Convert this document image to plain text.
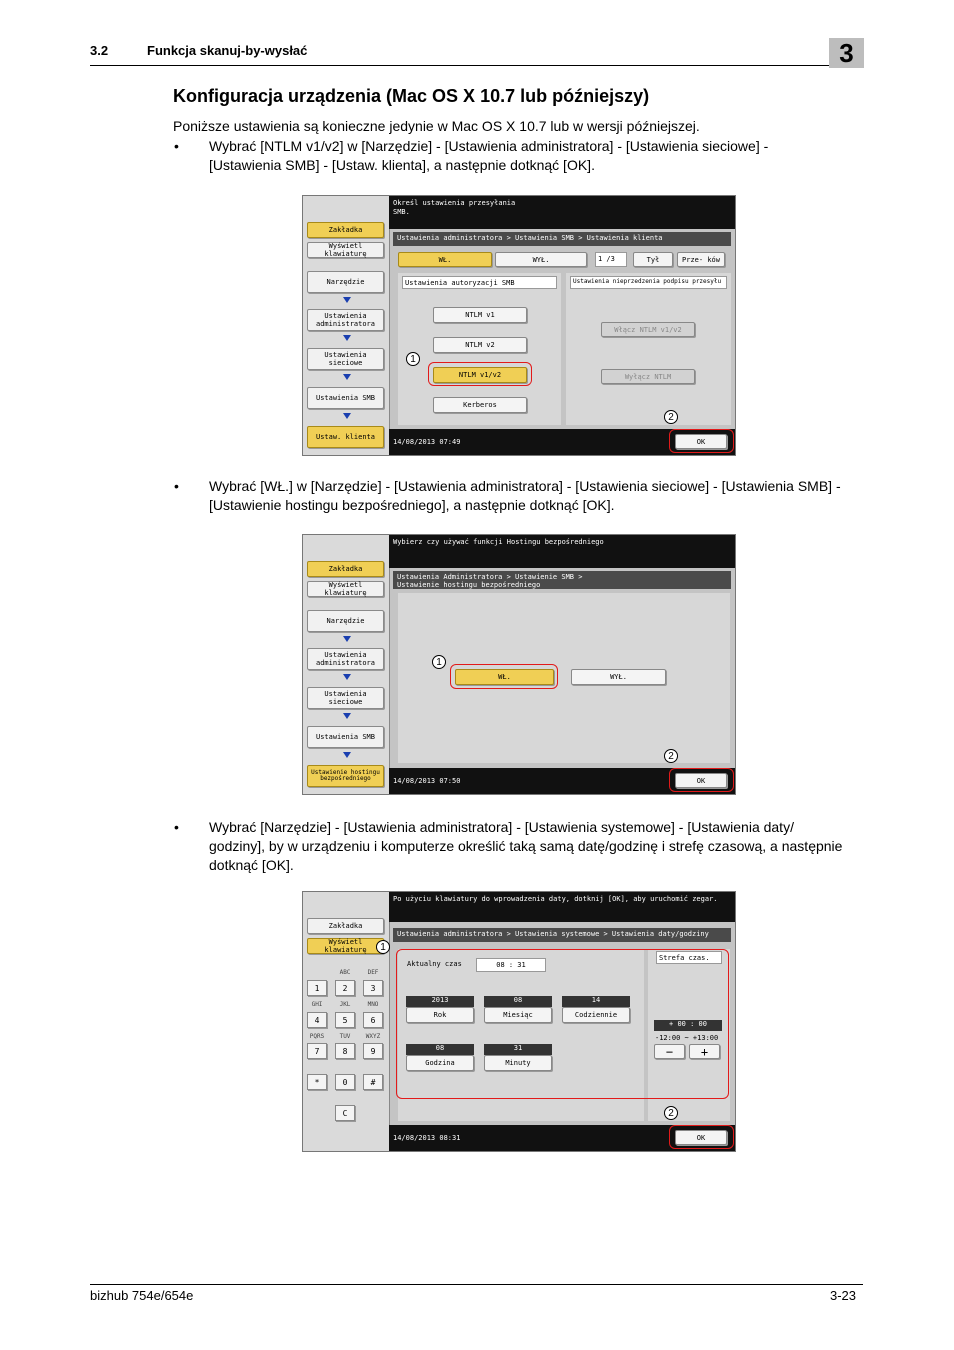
3.2	Funkcja skanuj-by-wysłać	3
Konfiguracja urządzenia (Mac OS X 10.7 lub późniejszy)
Poniższe ustawienia są konieczne jedynie w Mac OS X 10.7 lub w wersji późniejszej.
• Wybrać [NTLM v1/v2] w [Narzędzie] - [Ustawienia administratora] - [Ustawienia sieciowe] -
[Ustawienia SMB] - [Ustaw. klienta], a następnie dotknąć [OK].
Zakładka
Wyświetl klawiaturę
Narzędzie
Ustawienia administratora
Ustawienia sieciowe
Ustawienia SMB
Ustaw. klienta
Określ ustawienia przesyłania SMB.
Ustawienia administratora > Ustawienia SMB > Ustawienia klienta
WŁ.	WYŁ.	1 /3	Tył	Prze- ków
Ustawienia autoryzacji SMB	Ustawienia nieprzedzenia podpisu przesyłu
NTLM v1
NTLM v2
NTLM v1/v2
Kerberos
1
Włącz NTLM v1/v2
Wyłącz NTLM
14/08/2013 07:49	OK
2
• Wybrać [WŁ.] w [Narzędzie] - [Ustawienia administratora] - [Ustawienia sieciowe] - [Ustawienia SMB] -
[Ustawienie hostingu bezpośredniego], a następnie dotknąć [OK].
Zakładka
Wyświetl klawiaturę
Narzędzie
Ustawienia administratora
Ustawienia sieciowe
Ustawienia SMB
Ustawienie hostingu bezpośredniego
Wybierz czy używać funkcji Hostingu bezpośredniego
Ustawienia Administratora > Ustawienie SMB >
Ustawienie hostingu bezpośredniego
WŁ.
1
WYŁ.
14/08/2013 07:50	OK
2
• Wybrać [Narzędzie] - [Ustawienia administratora] - [Ustawienia systemowe] - [Ustawienia daty/
godziny], by w urządzeniu i komputerze określić taką samą datę/godzinę i strefę czasową, a następnie
dotknąć [OK].
Zakładka
Wyświetl klawiaturę
ABC	DEF
1	2	3
GHI	JKL	MNO
4	5	6
PQRS	TUV	WXYZ
7	8	9
*	0	#
C
Po użyciu klawiatury do wprowadzenia daty, dotknij [OK], aby uruchomić zegar.
1
Ustawienia administratora > Ustawienia systemowe > Ustawienia daty/godziny
Aktualny czas	08 : 31
2013
Rok
08
Miesiąc
14
Codziennie
08
Godzina
31
Minuty
Strefa czas.
+ 00 : 00
-12:00 ~ +13:00
−	+
14/08/2013 08:31	OK
2
bizhub 754e/654e	3-23
